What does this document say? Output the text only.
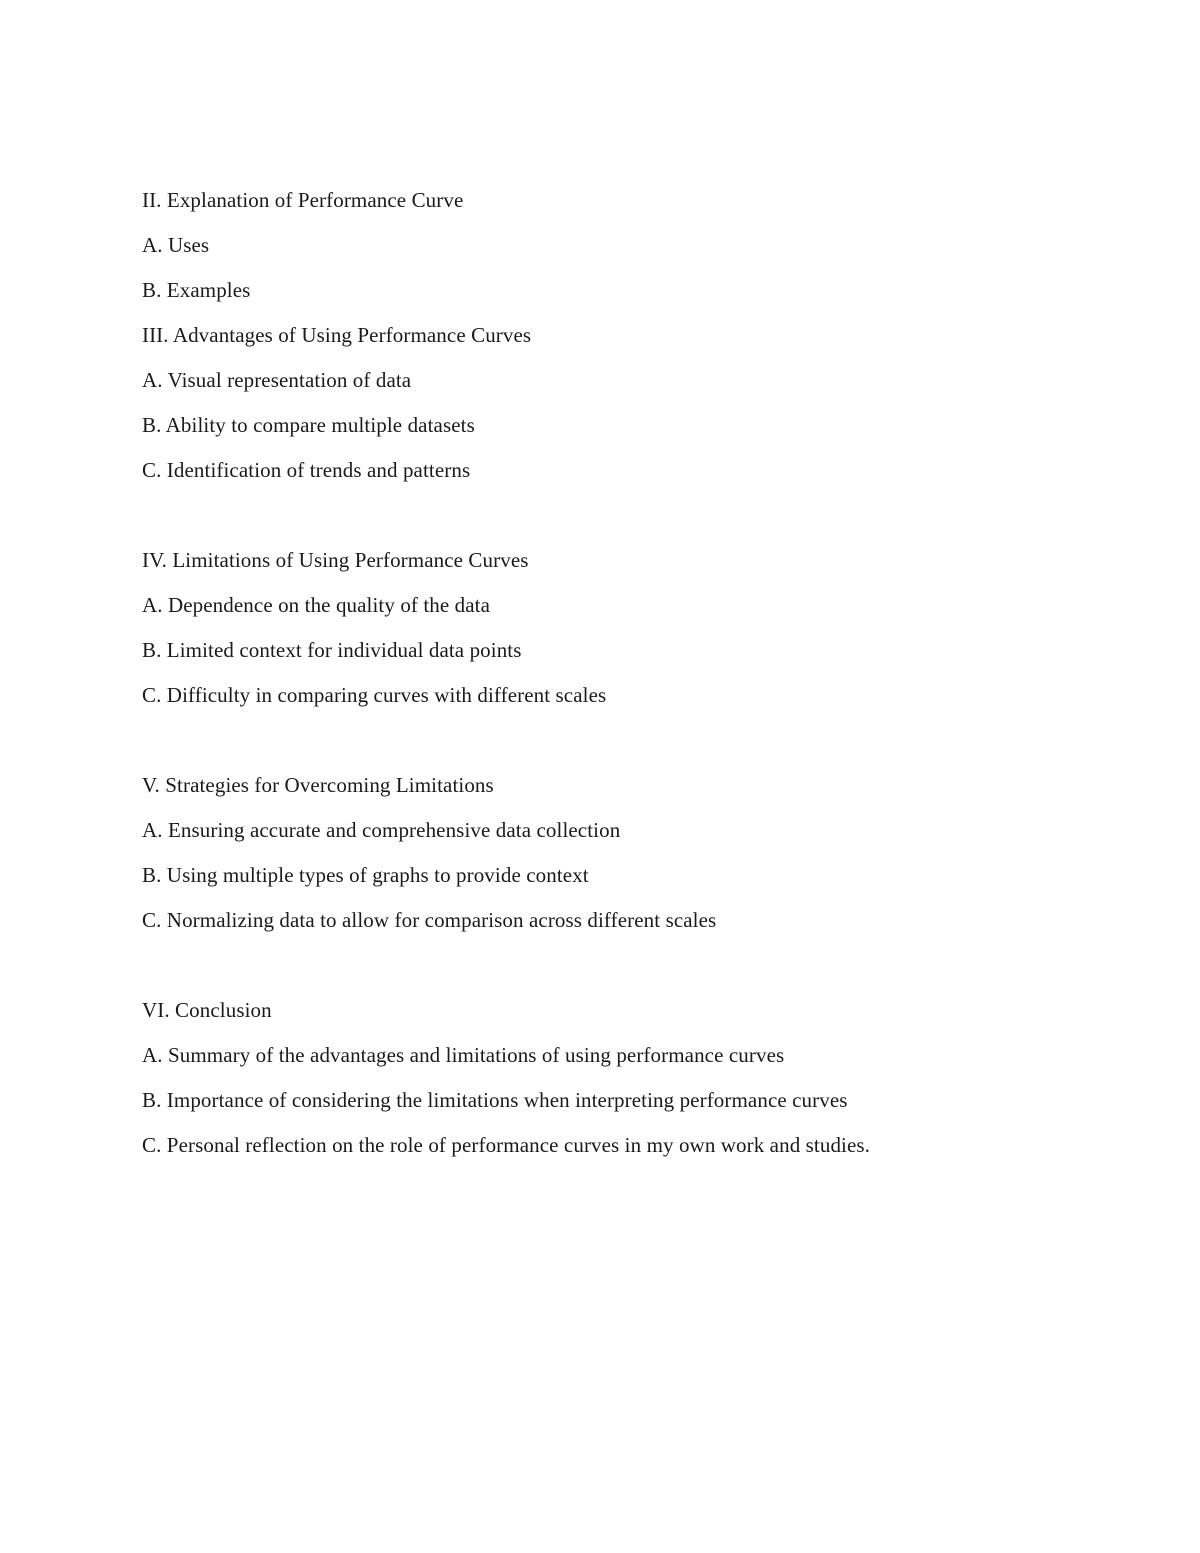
II. Explanation of Performance Curve
A. Uses
B. Examples
III. Advantages of Using Performance Curves
A. Visual representation of data
B. Ability to compare multiple datasets
C. Identification of trends and patterns
IV. Limitations of Using Performance Curves
A. Dependence on the quality of the data
B. Limited context for individual data points
C. Difficulty in comparing curves with different scales
V. Strategies for Overcoming Limitations
A. Ensuring accurate and comprehensive data collection
B. Using multiple types of graphs to provide context
C. Normalizing data to allow for comparison across different scales
VI. Conclusion
A. Summary of the advantages and limitations of using performance curves
B. Importance of considering the limitations when interpreting performance curves
C. Personal reflection on the role of performance curves in my own work and studies.
